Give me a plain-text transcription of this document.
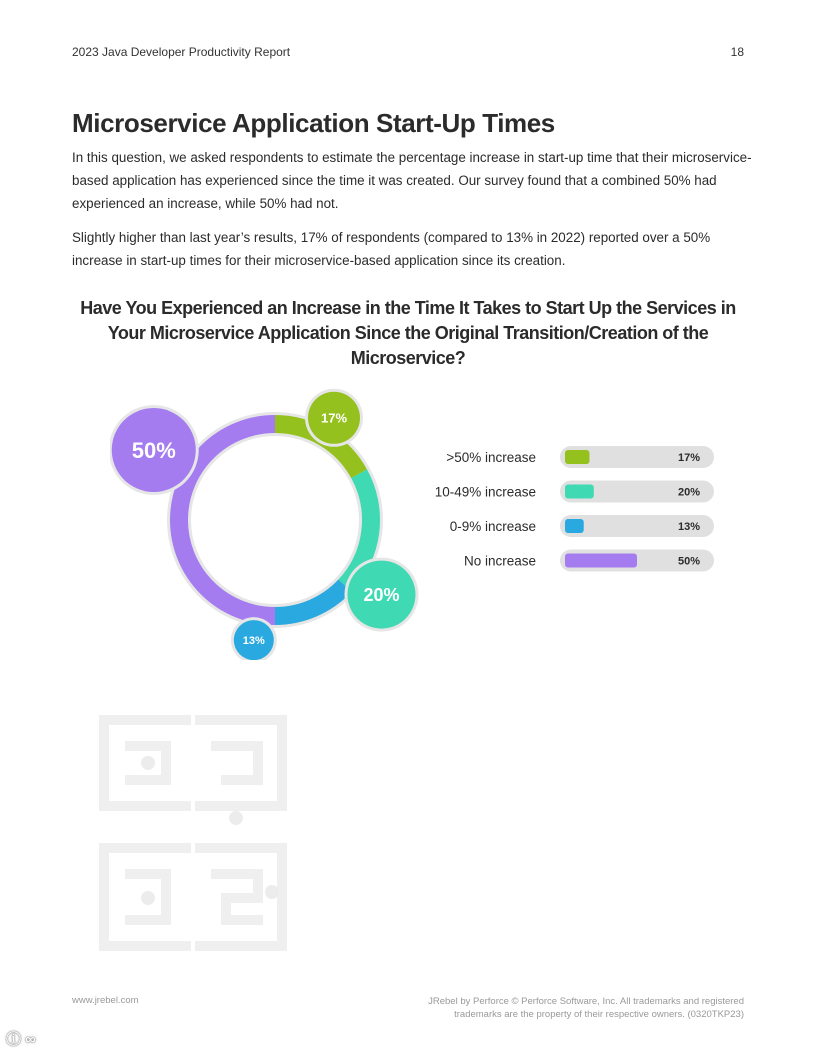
2023 Java Developer Productivity Report	18
Microservice Application Start-Up Times

In this question, we asked respondents to estimate the percentage increase in start-up time that their microservice-based application has experienced since the time it was created. Our survey found that a combined 50% had experienced an increase, while 50% had not.

Slightly higher than last year’s results, 17% of respondents (compared to 13% in 2022) reported over a 50% increase in start-up times for their microservice-based application since its creation.

Have You Experienced an Increase in the Time It Takes to Start Up the Services in Your Microservice Application Since the Original Transition/Creation of the Microservice?
17%
20%
13%
50%	>50% increase	17%
10-49% increase	20%
0-9% increase	13%
No increase	50%
www.jrebel.com	JRebel by Perforce © Perforce Software, Inc. All trademarks and registered
trademarks are the property of their respective owners. (0320TKP23)
ⓘ ∞
